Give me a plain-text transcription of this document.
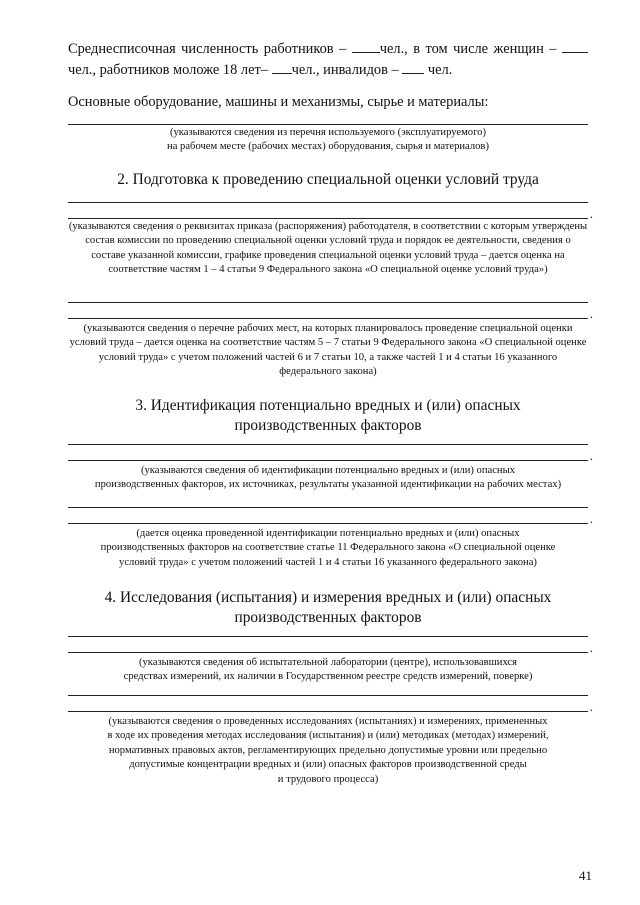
Среднесписочная численность работников – чел., в том числе женщин – чел., работников моложе 18 лет– чел., инвалидов – чел.
Основные оборудование, машины и механизмы, сырье и материалы:
(указываются сведения из перечня используемого (эксплуатируемого)
на рабочем месте (рабочих местах) оборудования, сырья и материалов)
2. Подготовка к проведению специальной оценки условий труда
.
(указываются сведения о реквизитах приказа (распоряжения) работодателя, в соответствии с которым утверждены состав комиссии по проведению специальной оценки условий труда и порядок ее деятельности, сведения о составе указанной комиссии, графике проведения специальной оценки условий труда – дается оценка на соответствие частям 1 – 4 статьи 9 Федерального закона «О специальной оценке условий труда»)
.
(указываются сведения о перечне рабочих мест, на которых планировалось проведение специальной оценки условий труда – дается оценка на соответствие частям 5 – 7 статьи 9 Федерального закона «О специальной оценке условий труда» с учетом положений частей 6 и 7 статьи 10, а также частей 1 и 4 статьи 16 указанного федерального закона)
3. Идентификация потенциально вредных и (или) опасных
производственных факторов
.
(указываются сведения об идентификации потенциально вредных и (или) опасных
производственных факторов, их источниках, результаты указанной идентификации на рабочих местах)
.
(дается оценка проведенной идентификации потенциально вредных и (или) опасных
производственных факторов на соответствие статье 11 Федерального закона «О специальной оценке
условий труда» с учетом положений частей 1 и 4 статьи 16 указанного федерального закона)
4. Исследования (испытания) и измерения вредных и (или) опасных
производственных факторов
.
(указываются сведения об испытательной лаборатории (центре), использовавшихся
средствах измерений, их наличии в Государственном реестре средств измерений, поверке)
.
(указываются сведения о проведенных исследованиях (испытаниях) и измерениях, примененных
в ходе их проведения методах исследования (испытания) и (или) методиках (методах) измерений,
нормативных правовых актов, регламентирующих предельно допустимые уровни или предельно
допустимые концентрации вредных и (или) опасных факторов производственной среды
и трудового процесса)
41
